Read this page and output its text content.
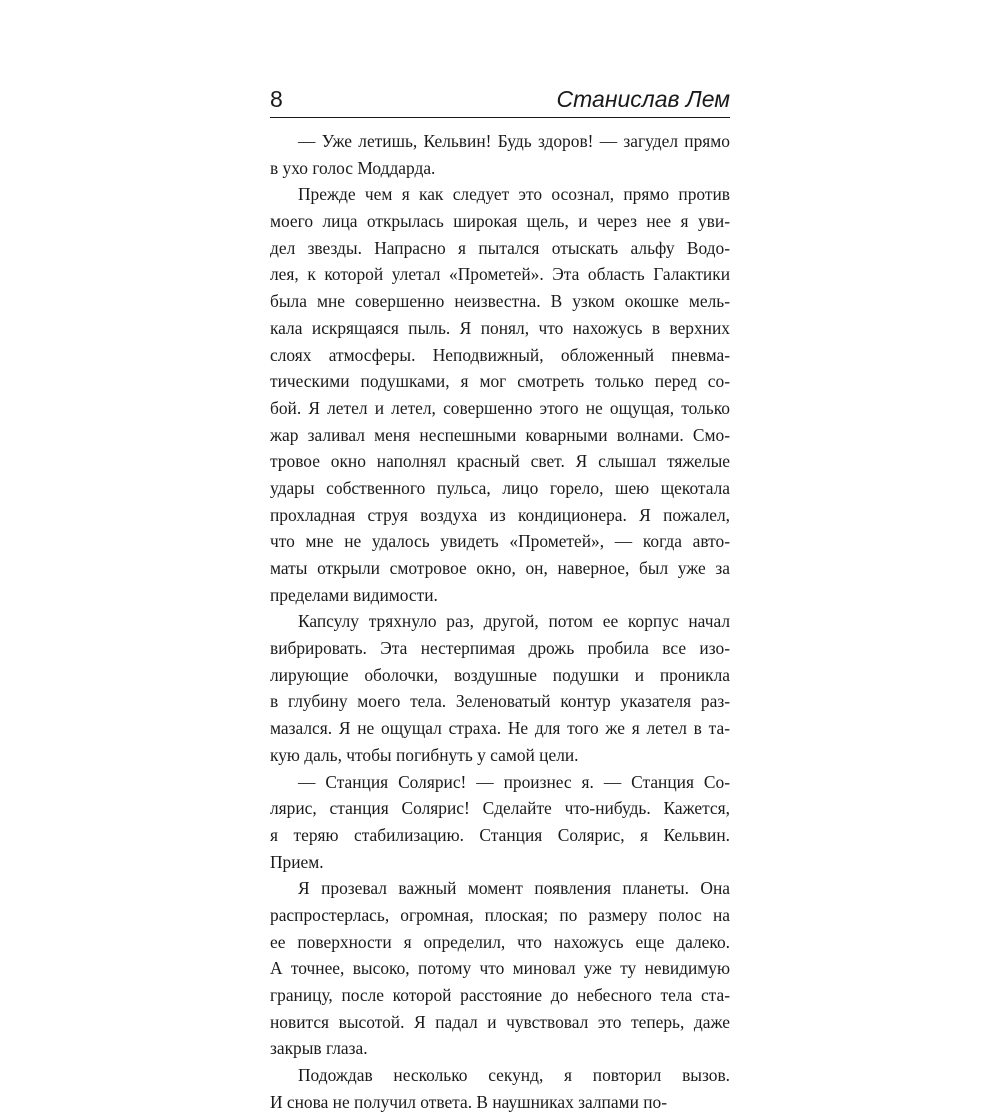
8	Станислав Лем
— Уже летишь, Кельвин! Будь здоров! — загудел прямо
в ухо голос Моддарда.
Прежде чем я как следует это осознал, прямо против
моего лица открылась широкая щель, и через нее я уви-
дел звезды. Напрасно я пытался отыскать альфу Водо-
лея, к которой улетал «Прометей». Эта область Галактики
была мне совершенно неизвестна. В узком окошке мель-
кала искрящаяся пыль. Я понял, что нахожусь в верхних
слоях атмосферы. Неподвижный, обложенный пневма-
тическими подушками, я мог смотреть только перед со-
бой. Я летел и летел, совершенно этого не ощущая, только
жар заливал меня неспешными коварными волнами. Смо-
тровое окно наполнял красный свет. Я слышал тяжелые
удары собственного пульса, лицо горело, шею щекотала
прохладная струя воздуха из кондиционера. Я пожалел,
что мне не удалось увидеть «Прометей», — когда авто-
маты открыли смотровое окно, он, наверное, был уже за
пределами видимости.
Капсулу тряхнуло раз, другой, потом ее корпус начал
вибрировать. Эта нестерпимая дрожь пробила все изо-
лирующие оболочки, воздушные подушки и проникла
в глубину моего тела. Зеленоватый контур указателя раз-
мазался. Я не ощущал страха. Не для того же я летел в та-
кую даль, чтобы погибнуть у самой цели.
— Станция Солярис! — произнес я. — Станция Со-
лярис, станция Солярис! Сделайте что-нибудь. Кажется,
я теряю стабилизацию. Станция Солярис, я Кельвин.
Прием.
Я прозевал важный момент появления планеты. Она
распростерлась, огромная, плоская; по размеру полос на
ее поверхности я определил, что нахожусь еще далеко.
А точнее, высоко, потому что миновал уже ту невидимую
границу, после которой расстояние до небесного тела ста-
новится высотой. Я падал и чувствовал это теперь, даже
закрыв глаза.
Подождав несколько секунд, я повторил вызов.
И снова не получил ответа. В наушниках залпами по-
